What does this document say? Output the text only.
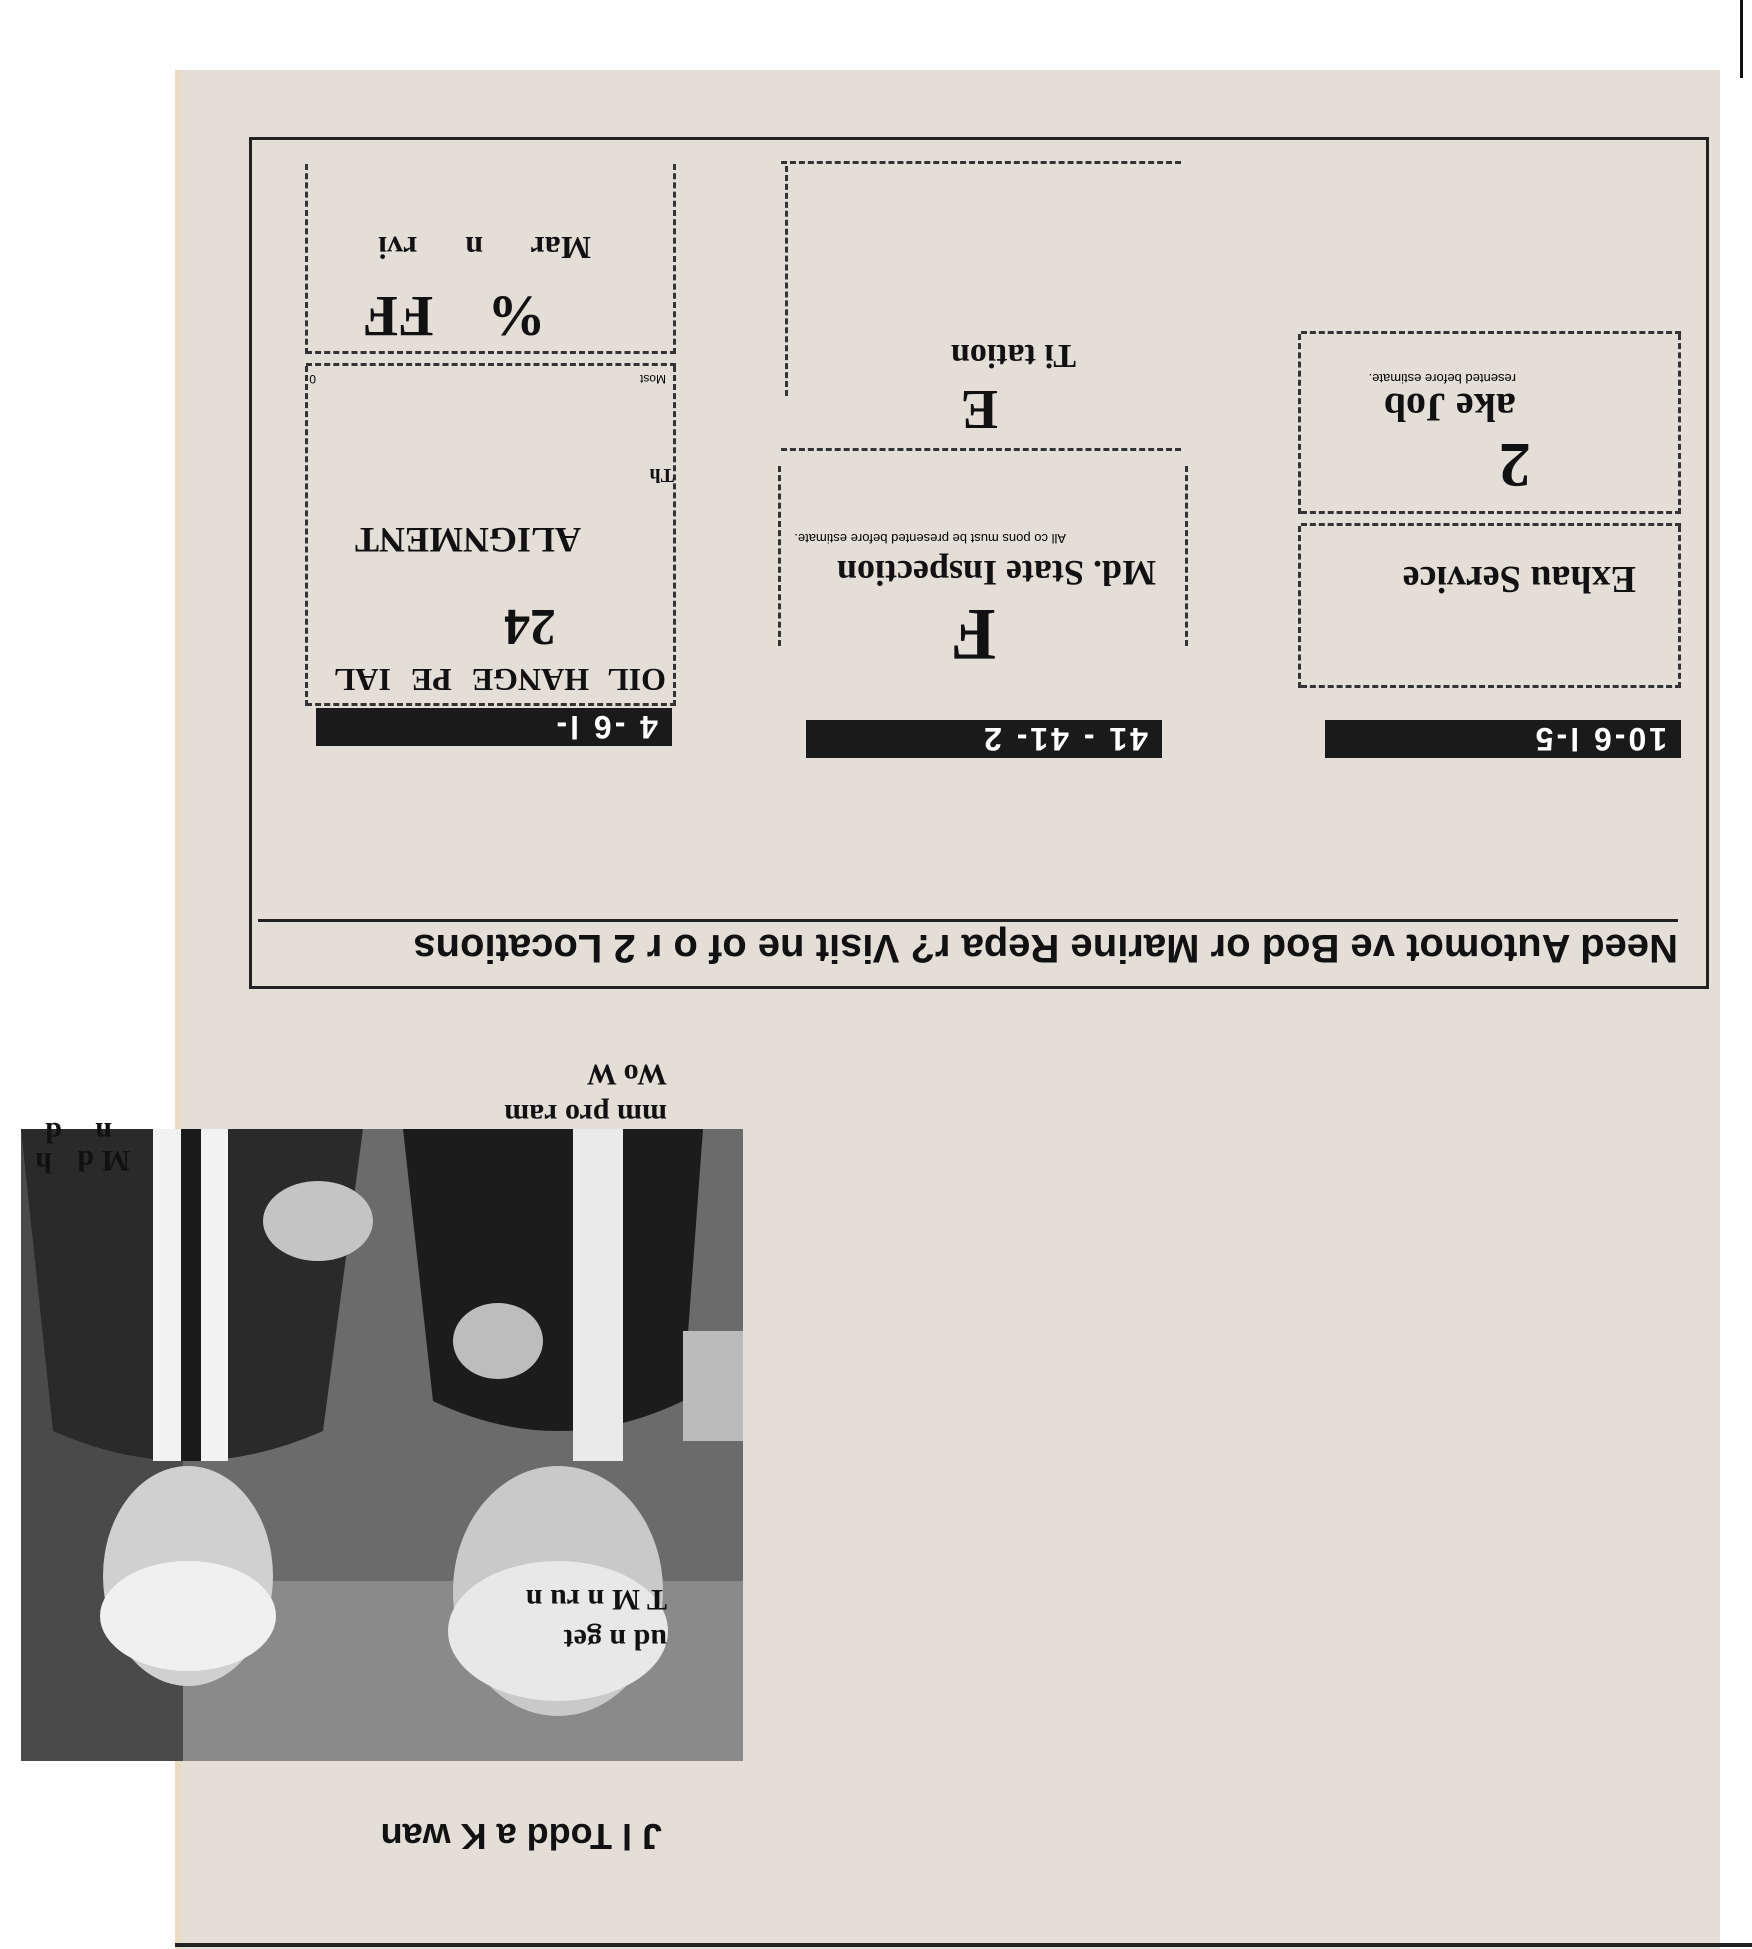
J l Todd a K wan
ud n get
T M n ru n
mm pro ram
Wo W
M d
h
n
d
Need Automot ve Bod or Marine Repa r? Visit ne of o r 2 Locations
10-6 l-5
41 - 41- 2
4 -6 l-
Exhau Service
2
ake Job
resented before estimate.
F
Md. State Inspection
All co pons must be presented before estimate.
E
Ti tation
OIL HANGE PE IAL
24
ALIGNMENT
Th
Most
0
% FF
Mar n rvi
